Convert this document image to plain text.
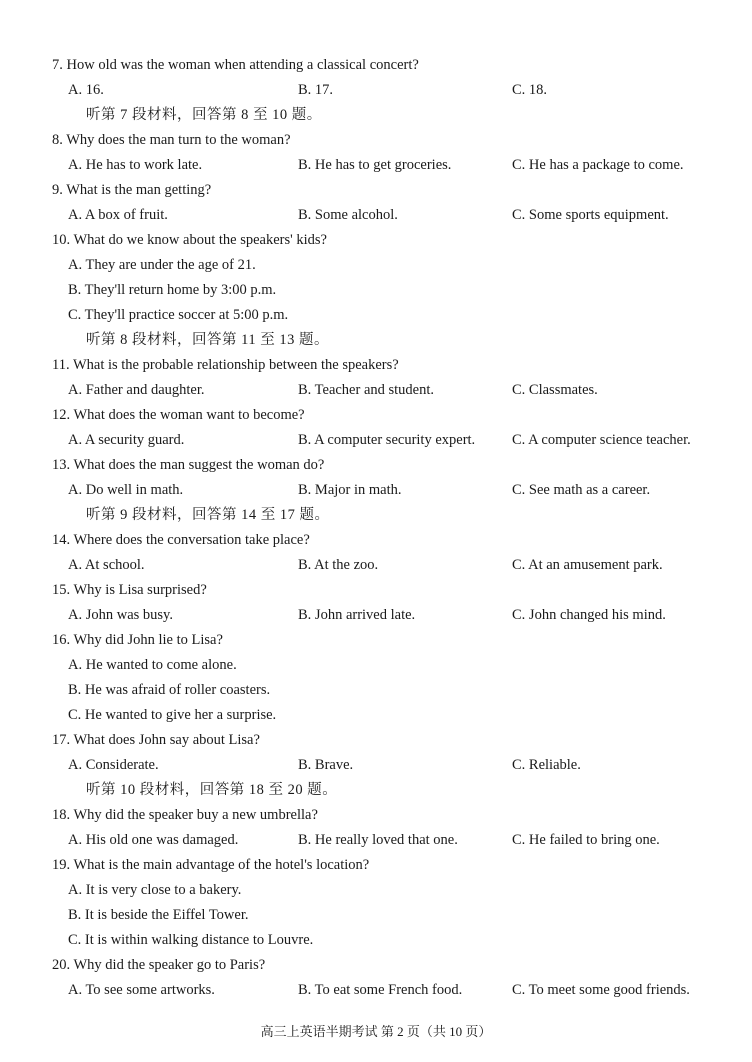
7. How old was the woman when attending a classical concert?
A. 16.	B. 17.	C. 18.
听第 7 段材料，回答第 8 至 10 题。
8. Why does the man turn to the woman?
A. He has to work late.	B. He has to get groceries.	C. He has a package to come.
9. What is the man getting?
A. A box of fruit.	B. Some alcohol.	C. Some sports equipment.
10. What do we know about the speakers' kids?
A. They are under the age of 21.
B. They'll return home by 3:00 p.m.
C. They'll practice soccer at 5:00 p.m.
听第 8 段材料，回答第 11 至 13 题。
11. What is the probable relationship between the speakers?
A. Father and daughter.	B. Teacher and student.	C. Classmates.
12. What does the woman want to become?
A. A security guard.	B. A computer security expert.	C. A computer science teacher.
13. What does the man suggest the woman do?
A. Do well in math.	B. Major in math.	C. See math as a career.
听第 9 段材料，回答第 14 至 17 题。
14. Where does the conversation take place?
A. At school.	B. At the zoo.	C. At an amusement park.
15. Why is Lisa surprised?
A. John was busy.	B. John arrived late.	C. John changed his mind.
16. Why did John lie to Lisa?
A. He wanted to come alone.
B. He was afraid of roller coasters.
C. He wanted to give her a surprise.
17. What does John say about Lisa?
A. Considerate.	B. Brave.	C. Reliable.
听第 10 段材料，回答第 18 至 20 题。
18. Why did the speaker buy a new umbrella?
A. His old one was damaged.	B. He really loved that one.	C. He failed to bring one.
19. What is the main advantage of the hotel's location?
A. It is very close to a bakery.
B. It is beside the Eiffel Tower.
C. It is within walking distance to Louvre.
20. Why did the speaker go to Paris?
A. To see some artworks.	B. To eat some French food.	C. To meet some good friends.
高三上英语半期考试 第 2 页（共 10 页）
